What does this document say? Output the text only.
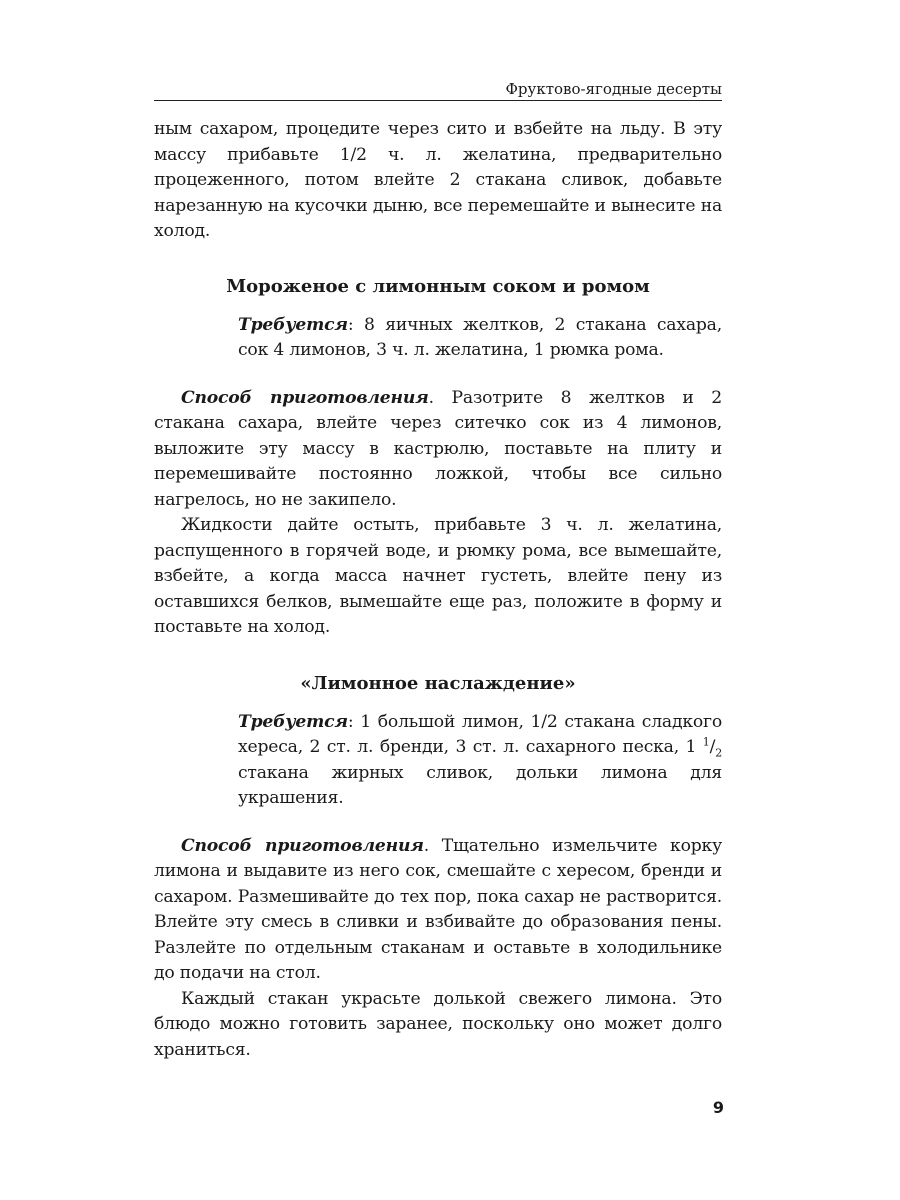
Фруктово-ягодные десерты

ным сахаром, процедите через сито и взбейте на льду. В эту массу прибавьте 1/2 ч. л. желатина, предварительно процеженного, потом влейте 2 стакана сливок, добавьте нарезанную на кусочки дыню, все перемешайте и вынесите на холод.

Мороженое с лимонным соком и ромом

Требуется: 8 яичных желтков, 2 стакана сахара, сок 4 лимонов, 3 ч. л. желатина, 1 рюмка рома.

Способ приготовления. Разотрите 8 желтков и 2 стакана сахара, влейте через ситечко сок из 4 лимонов, выложите эту массу в кастрюлю, поставьте на плиту и перемешивайте постоянно ложкой, чтобы все сильно нагрелось, но не закипело.

Жидкости дайте остыть, прибавьте 3 ч. л. желатина, распущенного в горячей воде, и рюмку рома, все вымешайте, взбейте, а когда масса начнет густеть, влейте пену из оставшихся белков, вымешайте еще раз, положите в форму и поставьте на холод.

«Лимонное наслаждение»

Требуется: 1 большой лимон, 1/2 стакана сладкого хереса, 2 ст. л. бренди, 3 ст. л. сахарного песка, 1 $^1/_2$ стакана жирных сливок, дольки лимона для украшения.

Способ приготовления. Тщательно измельчите корку лимона и выдавите из него сок, смешайте с хересом, бренди и сахаром. Размешивайте до тех пор, пока сахар не растворится. Влейте эту смесь в сливки и взбивайте до образования пены. Разлейте по отдельным стаканам и оставьте в холодильнике до подачи на стол.

Каждый стакан украсьте долькой свежего лимона. Это блюдо можно готовить заранее, поскольку оно может долго храниться.

9
